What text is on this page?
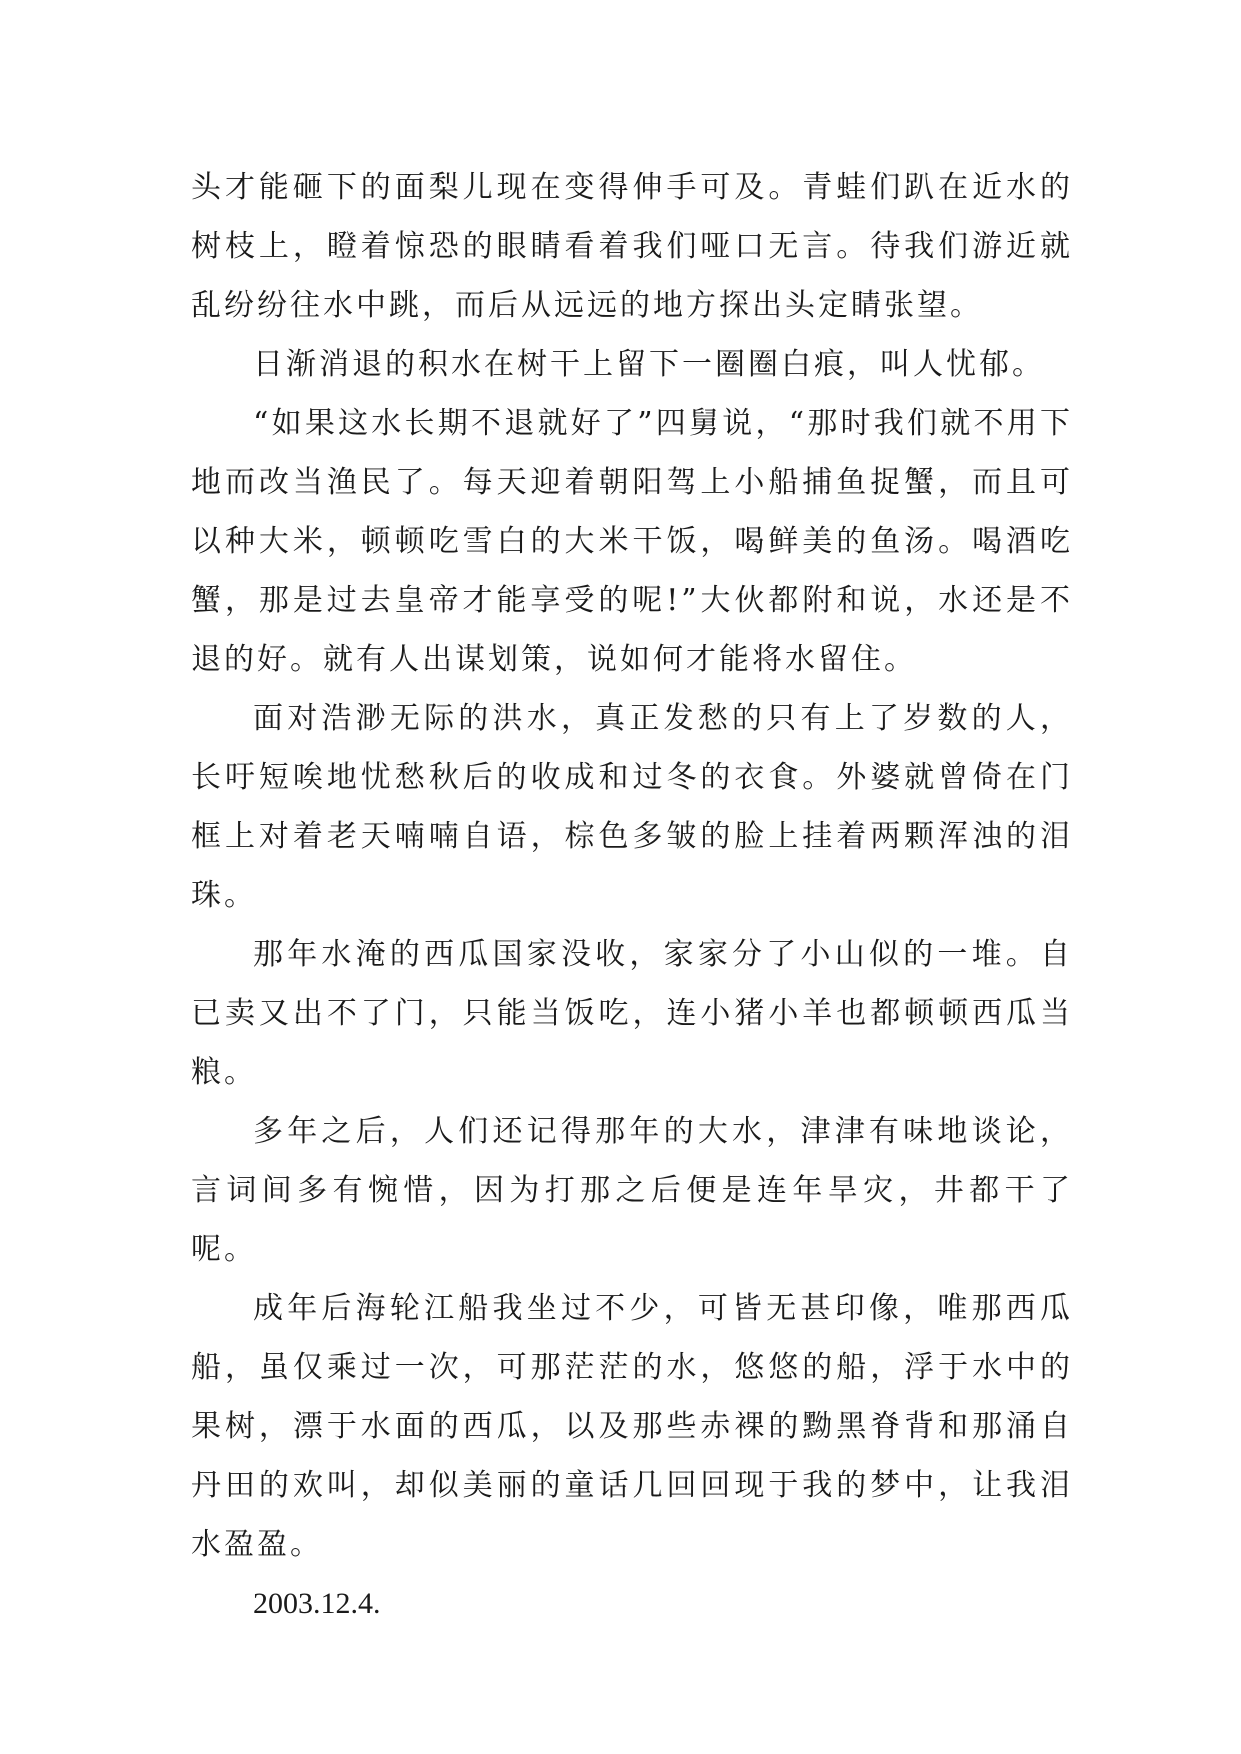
头才能砸下的面梨儿现在变得伸手可及。青蛙们趴在近水的树枝上，瞪着惊恐的眼睛看着我们哑口无言。待我们游近就乱纷纷往水中跳，而后从远远的地方探出头定睛张望。

日渐消退的积水在树干上留下一圈圈白痕，叫人忧郁。

“如果这水长期不退就好了”四舅说，“那时我们就不用下地而改当渔民了。每天迎着朝阳驾上小船捕鱼捉蟹，而且可以种大米，顿顿吃雪白的大米干饭，喝鲜美的鱼汤。喝酒吃蟹，那是过去皇帝才能享受的呢!”大伙都附和说，水还是不退的好。就有人出谋划策，说如何才能将水留住。

面对浩渺无际的洪水，真正发愁的只有上了岁数的人，长吁短唉地忧愁秋后的收成和过冬的衣食。外婆就曾倚在门框上对着老天喃喃自语，棕色多皱的脸上挂着两颗浑浊的泪珠。

那年水淹的西瓜国家没收，家家分了小山似的一堆。自已卖又出不了门，只能当饭吃，连小猪小羊也都顿顿西瓜当粮。

多年之后，人们还记得那年的大水，津津有味地谈论，言词间多有惋惜，因为打那之后便是连年旱灾，井都干了呢。

成年后海轮江船我坐过不少，可皆无甚印像，唯那西瓜船，虽仅乘过一次，可那茫茫的水，悠悠的船，浮于水中的果树，漂于水面的西瓜，以及那些赤裸的黝黑脊背和那涌自丹田的欢叫，却似美丽的童话几回回现于我的梦中，让我泪水盈盈。

2003.12.4.
